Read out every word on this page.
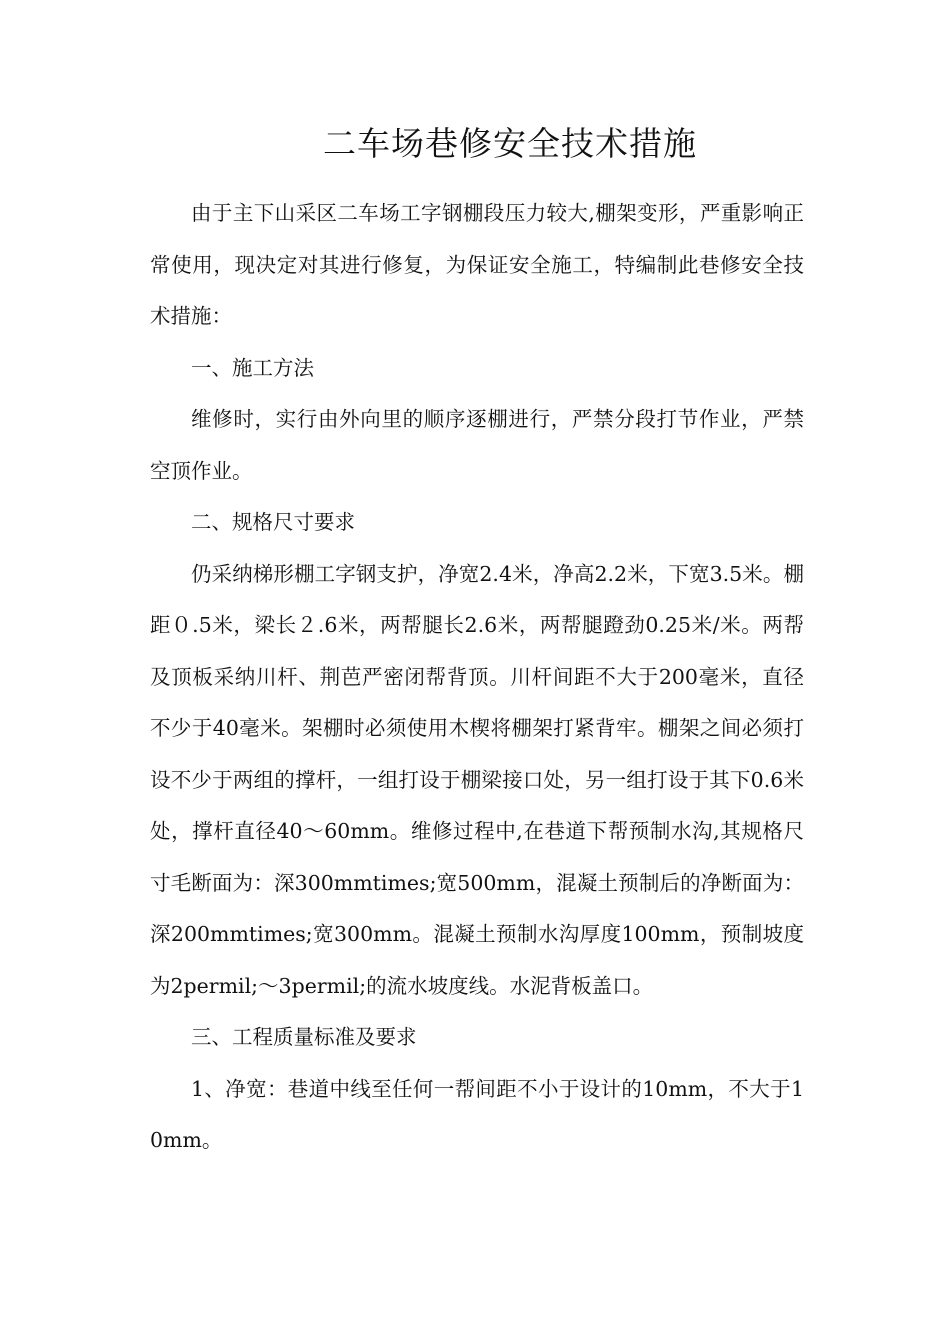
二车场巷修安全技术措施

由于主下山采区二车场工字钢棚段压力较大,棚架变形，严重影响正常使用，现决定对其进行修复，为保证安全施工，特编制此巷修安全技术措施：

一、施工方法

维修时，实行由外向里的顺序逐棚进行，严禁分段打节作业，严禁空顶作业。

二、规格尺寸要求

仍采纳梯形棚工字钢支护，净宽2.4米，净高2.2米，下宽3.5米。棚距０.5米，梁长２.6米，两帮腿长2.6米，两帮腿蹬劲0.25米/米。两帮及顶板采纳川杆、荆芭严密闭帮背顶。川杆间距不大于200毫米，直径不少于40毫米。架棚时必须使用木楔将棚架打紧背牢。棚架之间必须打设不少于两组的撑杆，一组打设于棚梁接口处，另一组打设于其下0.6米处，撑杆直径40～60mm。维修过程中,在巷道下帮预制水沟,其规格尺寸毛断面为：深300mmtimes;宽500mm，混凝土预制后的净断面为：深200mmtimes;宽300mm。混凝土预制水沟厚度100mm，预制坡度为2permil;～3permil;的流水坡度线。水泥背板盖口。

三、工程质量标准及要求

1、净宽：巷道中线至任何一帮间距不小于设计的10mm，不大于10mm。
